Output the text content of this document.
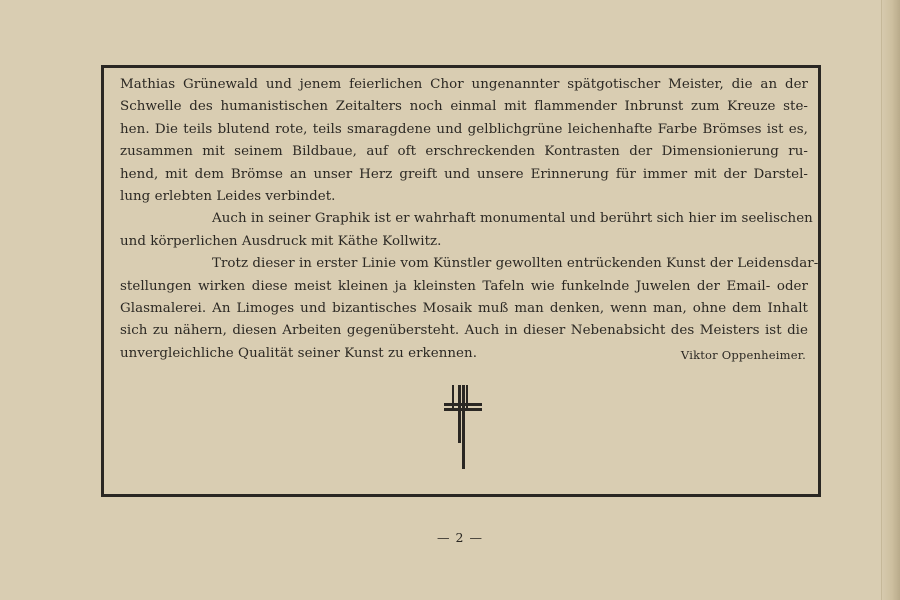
Mathias Grünewald und jenem feierlichen Chor ungenannter spätgotischer Meister, die an der
Schwelle des humanistischen Zeitalters noch einmal mit flammender Inbrunst zum Kreuze ste-
hen. Die teils blutend rote, teils smaragdene und gelblichgrüne leichenhafte Farbe Brömses ist es,
zusammen mit seinem Bildbaue, auf oft erschreckenden Kontrasten der Dimensionierung ru-
hend, mit dem Brömse an unser Herz greift und unsere Erinnerung für immer mit der Darstel-
lung erlebten Leides verbindet.
Auch in seiner Graphik ist er wahrhaft monumental und berührt sich hier im seelischen
und körperlichen Ausdruck mit Käthe Kollwitz.
Trotz dieser in erster Linie vom Künstler gewollten entrückenden Kunst der Leidensdar-
stellungen wirken diese meist kleinen ja kleinsten Tafeln wie funkelnde Juwelen der Email- oder
Glasmalerei. An Limoges und bizantisches Mosaik muß man denken, wenn man, ohne dem Inhalt
sich zu nähern, diesen Arbeiten gegenübersteht. Auch in dieser Nebenabsicht des Meisters ist die
unvergleichliche Qualität seiner Kunst zu erkennen.	Viktor Oppenheimer.
— 2 —
